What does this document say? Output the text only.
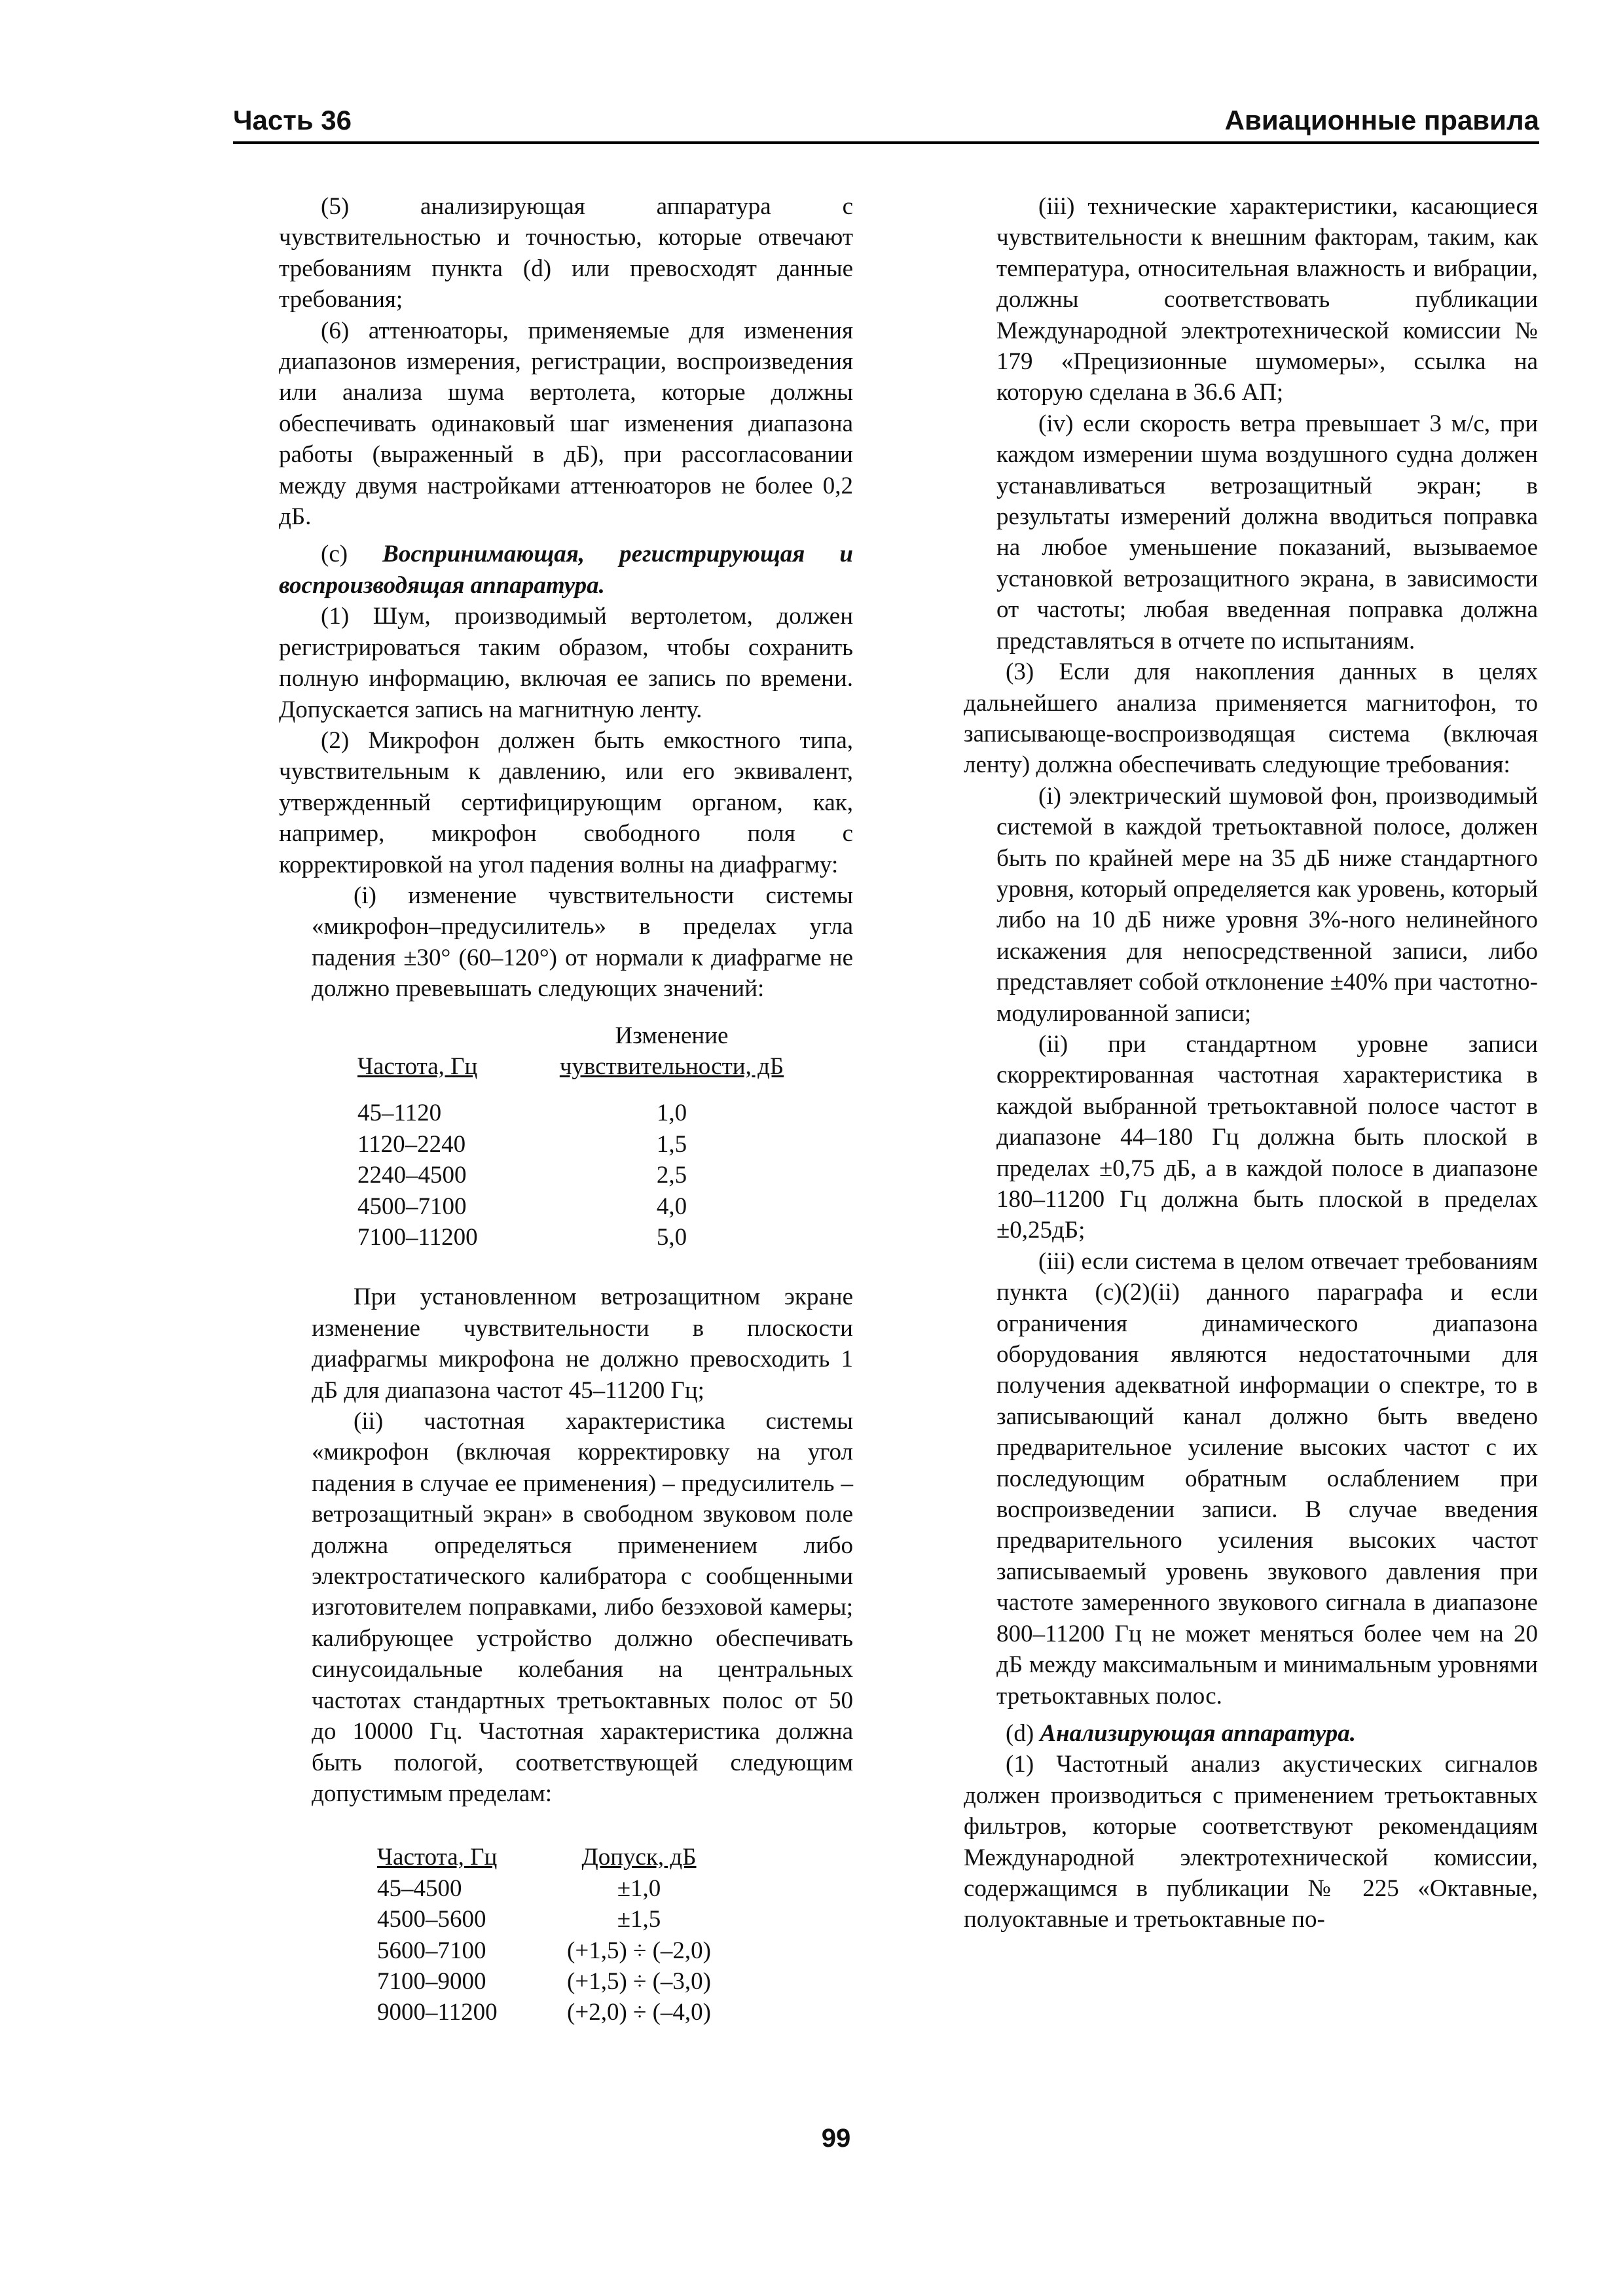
Часть 36	Авиационные правила

(5) анализирующая аппаратура с чувствительностью и точностью, которые отвечают требованиям пункта (d) или превосходят данные требования;

(6) аттенюаторы, применяемые для изменения диапазонов измерения, регистрации, воспроизведения или анализа шума вертолета, которые должны обеспечивать одинаковый шаг изменения диапазона работы (выраженный в дБ), при рассогласовании между двумя настройками аттенюаторов не более 0,2 дБ.

(c) Воспринимающая, регистрирующая и воспроизводящая аппаратура.

(1) Шум, производимый вертолетом, должен регистрироваться таким образом, чтобы сохранить полную информацию, включая ее запись по времени. Допускается запись на магнитную ленту.

(2) Микрофон должен быть емкостного типа, чувствительным к давлению, или его эквивалент, утвержденный сертифицирующим органом, как, например, микрофон свободного поля с корректировкой на угол падения волны на диафрагму:

(i) изменение чувствительности системы «микрофон–предусилитель» в пределах угла падения ±30° (60–120°) от нормали к диафрагме не должно превевышать следующих значений:

	Изменение
Частота, Гц	чувствительности, дБ

45–1120	1,0
1120–2240	1,5
2240–4500	2,5
4500–7100	4,0
7100–11200	5,0

При установленном ветрозащитном экране изменение чувствительности в плоскости диафрагмы микрофона не должно превосходить 1 дБ для диапазона частот 45–11200 Гц;

(ii) частотная характеристика системы «микрофон (включая корректировку на угол падения в случае ее применения) – предусилитель – ветрозащитный экран» в свободном звуковом поле должна определяться применением либо электростатического калибратора с сообщенными изготовителем поправками, либо безэховой камеры; калибрующее устройство должно обеспечивать синусоидальные колебания на центральных частотах стандартных третьоктавных полос от 50 до 10000 Гц. Частотная характеристика должна быть пологой, соответствующей следующим допустимым пределам:

Частота, Гц	Допуск, дБ
45–4500	±1,0
4500–5600	±1,5
5600–7100	(+1,5) ÷ (–2,0)
7100–9000	(+1,5) ÷ (–3,0)
9000–11200	(+2,0) ÷ (–4,0)

(iii) технические характеристики, касающиеся чувствительности к внешним факторам, таким, как температура, относительная влажность и вибрации, должны соответствовать публикации Международной электротехнической комиссии № 179 «Прецизионные шумомеры», ссылка на которую сделана в 36.6 АП;

(iv) если скорость ветра превышает 3 м/с, при каждом измерении шума воздушного судна должен устанавливаться ветрозащитный экран; в результаты измерений должна вводиться поправка на любое уменьшение показаний, вызываемое установкой ветрозащитного экрана, в зависимости от частоты; любая введенная поправка должна представляться в отчете по испытаниям.

(3) Если для накопления данных в целях дальнейшего анализа применяется магнитофон, то записывающе-воспроизводящая система (включая ленту) должна обеспечивать следующие требования:

(i) электрический шумовой фон, производимый системой в каждой третьоктавной полосе, должен быть по крайней мере на 35 дБ ниже стандартного уровня, который определяется как уровень, который либо на 10 дБ ниже уровня 3%-ного нелинейного искажения для непосредственной записи, либо представляет собой отклонение ±40% при частотно-модулированной записи;

(ii) при стандартном уровне записи скорректированная частотная характеристика в каждой выбранной третьоктавной полосе частот в диапазоне 44–180 Гц должна быть плоской в пределах ±0,75 дБ, а в каждой полосе в диапазоне 180–11200 Гц должна быть плоской в пределах ±0,25дБ;

(iii) если система в целом отвечает требованиям пункта (c)(2)(ii) данного параграфа и если ограничения динамического диапазона оборудования являются недостаточными для получения адекватной информации о спектре, то в записывающий канал должно быть введено предварительное усиление высоких частот с их последующим обратным ослаблением при воспроизведении записи. В случае введения предварительного усиления высоких частот записываемый уровень звукового давления при частоте замеренного звукового сигнала в диапазоне 800–11200 Гц не может меняться более чем на 20 дБ между максимальным и минимальным уровнями третьоктавных полос.

(d) Анализирующая аппаратура.

(1) Частотный анализ акустических сигналов должен производиться с применением третьоктавных фильтров, которые соответствуют рекомендациям Международной электротехнической комиссии, содержащимся в публикации № 225 «Октавные, полуоктавные и третьоктавные по-

99
